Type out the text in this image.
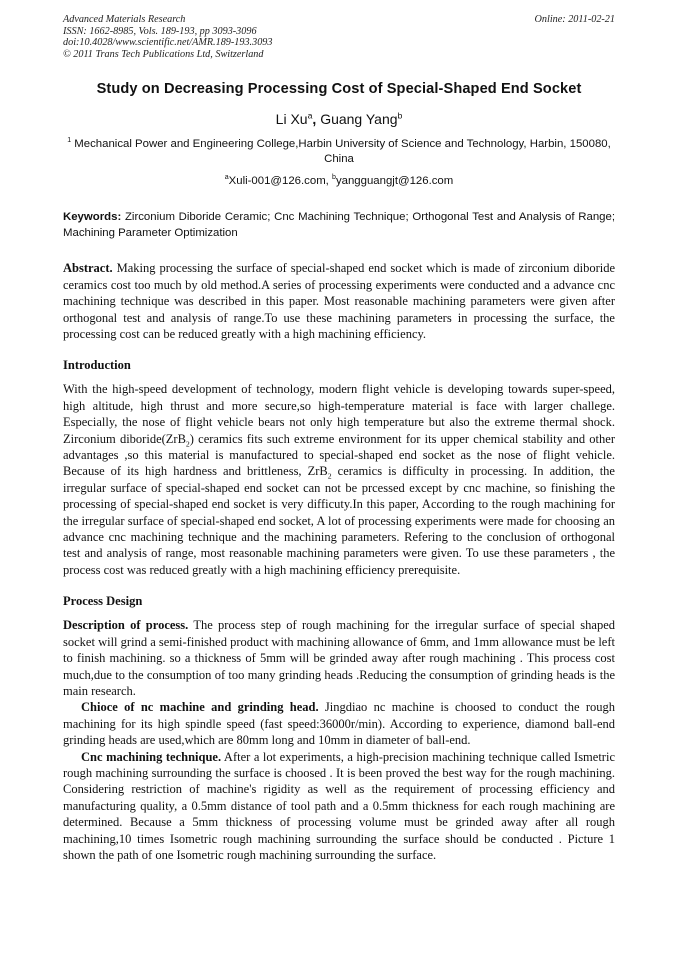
Advanced Materials Research
ISSN: 1662-8985, Vols. 189-193, pp 3093-3096
doi:10.4028/www.scientific.net/AMR.189-193.3093
© 2011 Trans Tech Publications Ltd, Switzerland
Online: 2011-02-21
Study on Decreasing Processing Cost of Special-Shaped End Socket
Li Xu$^a$, Guang Yang$^b$
$^1$ Mechanical Power and Engineering College,Harbin University of Science and Technology, Harbin, 150080, China
$^a$Xuli-001@126.com, $^b$yangguangjt@126.com
Keywords: Zirconium Diboride Ceramic; Cnc Machining Technique; Orthogonal Test and Analysis of Range; Machining Parameter Optimization
Abstract. Making processing the surface of special-shaped end socket which is made of zirconium diboride ceramics cost too much by old method.A series of processing experiments were conducted and a advance cnc machining technique was described in this paper. Most reasonable machining parameters were given after orthogonal test and analysis of range.To use these machining parameters in processing the surface, the processing cost can be reduced greatly with a high machining efficiency.
Introduction
With the high-speed development of technology, modern flight vehicle is developing towards super-speed, high altitude, high thrust and more secure,so high-temperature material is face with larger challege. Especially, the nose of flight vehicle bears not only high temperature but also the extreme thermal shock. Zirconium diboride(ZrB$_2$) ceramics fits such extreme environment for its upper chemical stability and other advantages ,so this material is manufactured to special-shaped end socket as the nose of flight vehicle. Because of its high hardness and brittleness, ZrB$_2$ ceramics is difficulty in processing. In addition, the irregular surface of special-shaped end socket can not be prcessed except by cnc machine, so finishing the processing of special-shaped end socket is very difficuty.In this paper, According to the rough machining for the irregular surface of special-shaped end socket, A lot of processing experiments were made for choosing an advance cnc machining technique and the machining parameters. Refering to the conclusion of orthogonal test and analysis of range, most reasonable machining parameters were given. To use these parameters , the process cost was reduced greatly with a high machining efficiency prerequisite.
Process Design
Description of process. The process step of rough machining for the irregular surface of special shaped socket will grind a semi-finished product with machining allowance of 6mm, and 1mm allowance must be left to finish machining. so a thickness of 5mm will be grinded away after rough machining . This process cost much,due to the consumption of too many grinding heads .Reducing the consumption of grinding heads is the main research.
Chioce of nc machine and grinding head. Jingdiao nc machine is choosed to conduct the rough machining for its high spindle speed (fast speed:36000r/min). According to experience, diamond ball-end grinding heads are used,which are 80mm long and 10mm in diameter of ball-end.
Cnc machining technique. After a lot experiments, a high-precision machining technique called Ismetric rough machining surrounding the surface is choosed . It is been proved the best way for the rough machining. Considering restriction of machine's rigidity as well as the requirement of processing efficiency and manufacturing quality, a 0.5mm distance of tool path and a 0.5mm thickness for each rough machining are determined. Because a 5mm thickness of processing volume must be grinded away after all rough machining,10 times Isometric rough machining surrounding the surface should be conducted . Picture 1 shown the path of one Isometric rough machining surrounding the surface.
